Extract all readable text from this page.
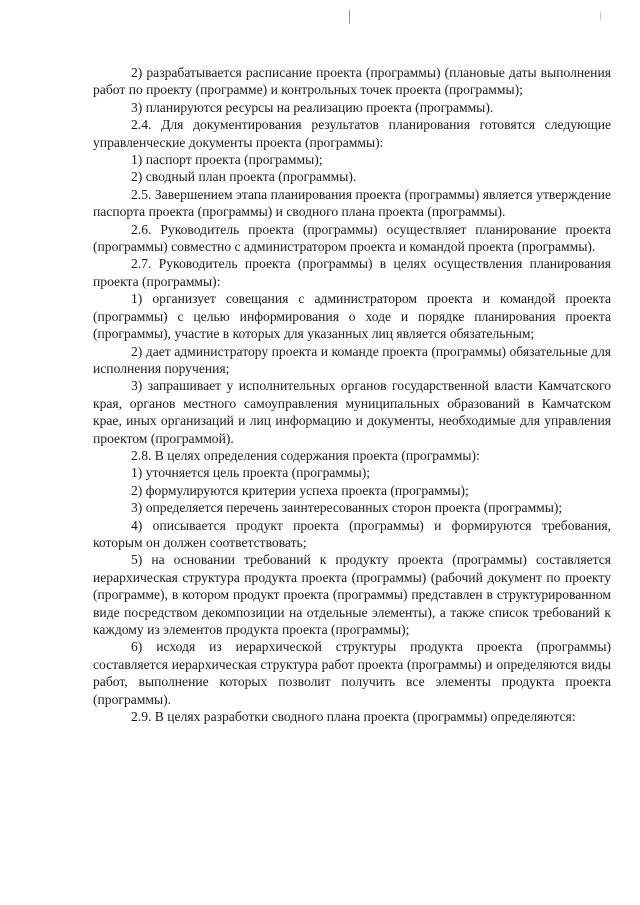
2) разрабатывается расписание проекта (программы) (плановые даты выполнения работ по проекту (программе) и контрольных точек проекта (программы);

3) планируются ресурсы на реализацию проекта (программы).

2.4. Для документирования результатов планирования готовятся следующие управленческие документы проекта (программы):

1) паспорт проекта (программы);

2) сводный план проекта (программы).

2.5. Завершением этапа планирования проекта (программы) является утверждение паспорта проекта (программы) и сводного плана проекта (программы).

2.6. Руководитель проекта (программы) осуществляет планирование проекта (программы) совместно с администратором проекта и командой проекта (программы).

2.7. Руководитель проекта (программы) в целях осуществления планирования проекта (программы):

1) организует совещания с администратором проекта и командой проекта (программы) с целью информирования о ходе и порядке планирования проекта (программы), участие в которых для указанных лиц является обязательным;

2) дает администратору проекта и команде проекта (программы) обязательные для исполнения поручения;

3) запрашивает у исполнительных органов государственной власти Камчатского края, органов местного самоуправления муниципальных образований в Камчатском крае, иных организаций и лиц информацию и документы, необходимые для управления проектом (программой).

2.8. В целях определения содержания проекта (программы):

1) уточняется цель проекта (программы);

2) формулируются критерии успеха проекта (программы);

3) определяется перечень заинтересованных сторон проекта (программы);

4) описывается продукт проекта (программы) и формируются требования, которым он должен соответствовать;

5) на основании требований к продукту проекта (программы) составляется иерархическая структура продукта проекта (программы) (рабочий документ по проекту (программе), в котором продукт проекта (программы) представлен в структурированном виде посредством декомпозиции на отдельные элементы), а также список требований к каждому из элементов продукта проекта (программы);

6) исходя из иерархической структуры продукта проекта (программы) составляется иерархическая структура работ проекта (программы) и определяются виды работ, выполнение которых позволит получить все элементы продукта проекта (программы).

2.9. В целях разработки сводного плана проекта (программы) определяются:
